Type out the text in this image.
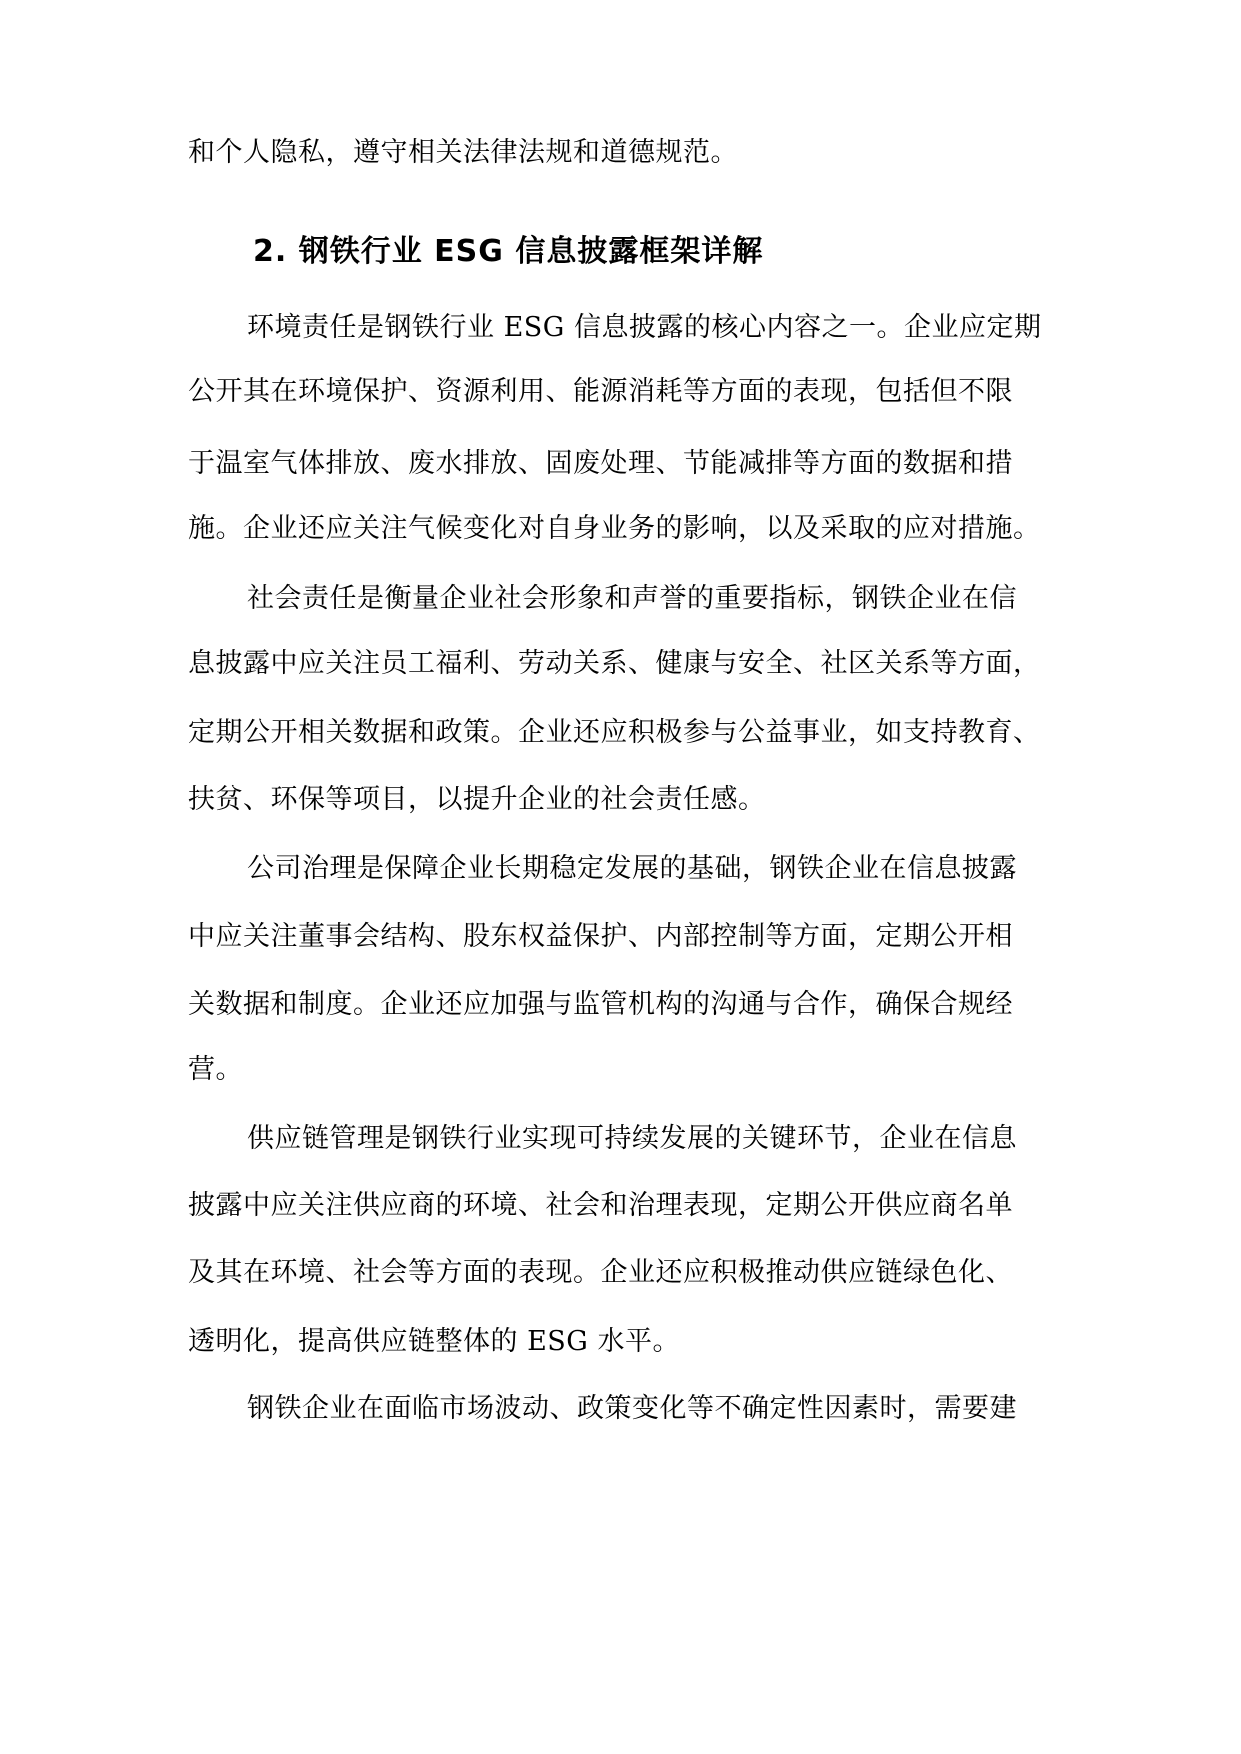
和个人隐私，遵守相关法律法规和道德规范。
2. 钢铁行业 ESG 信息披露框架详解
环境责任是钢铁行业 ESG 信息披露的核心内容之一。企业应定期
公开其在环境保护、资源利用、能源消耗等方面的表现，包括但不限
于温室气体排放、废水排放、固废处理、节能减排等方面的数据和措
施。企业还应关注气候变化对自身业务的影响，以及采取的应对措施。
社会责任是衡量企业社会形象和声誉的重要指标，钢铁企业在信
息披露中应关注员工福利、劳动关系、健康与安全、社区关系等方面，
定期公开相关数据和政策。企业还应积极参与公益事业，如支持教育、
扶贫、环保等项目，以提升企业的社会责任感。
公司治理是保障企业长期稳定发展的基础，钢铁企业在信息披露
中应关注董事会结构、股东权益保护、内部控制等方面，定期公开相
关数据和制度。企业还应加强与监管机构的沟通与合作，确保合规经
营。
供应链管理是钢铁行业实现可持续发展的关键环节，企业在信息
披露中应关注供应商的环境、社会和治理表现，定期公开供应商名单
及其在环境、社会等方面的表现。企业还应积极推动供应链绿色化、
透明化，提高供应链整体的 ESG 水平。
钢铁企业在面临市场波动、政策变化等不确定性因素时，需要建
